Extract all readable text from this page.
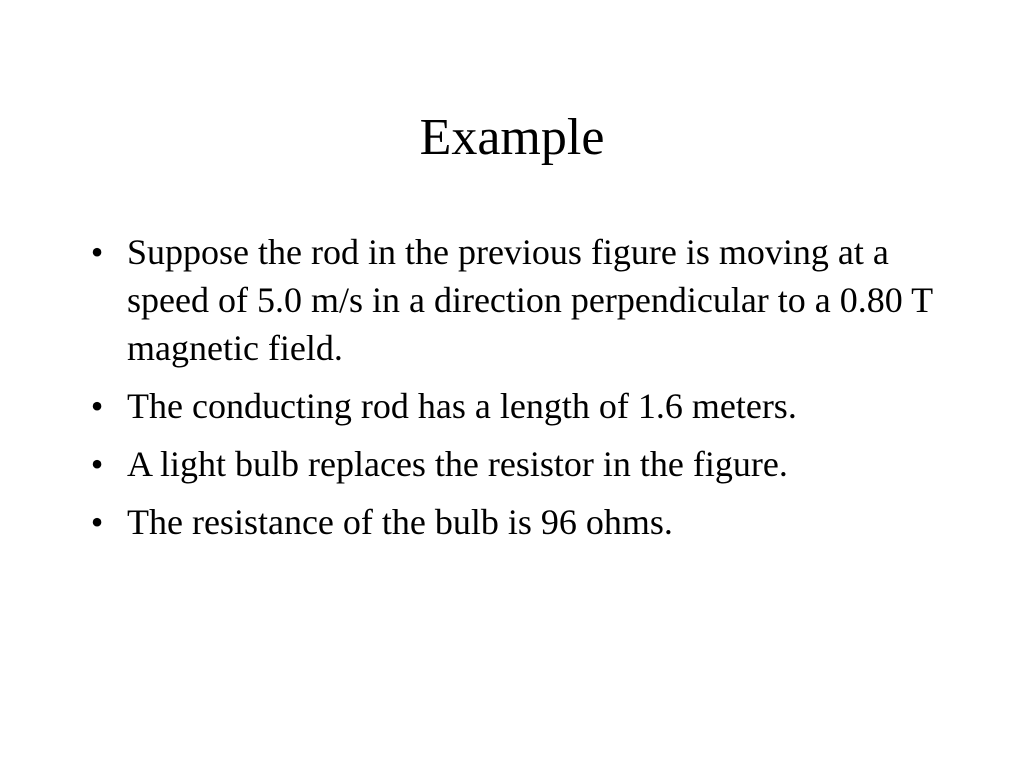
Example
• Suppose the rod in the previous figure is moving at a speed of 5.0 m/s in a direction perpendicular to a 0.80 T magnetic field.
• The conducting rod has a length of 1.6 meters.
• A light bulb replaces the resistor in the figure.
• The resistance of the bulb is 96 ohms.
